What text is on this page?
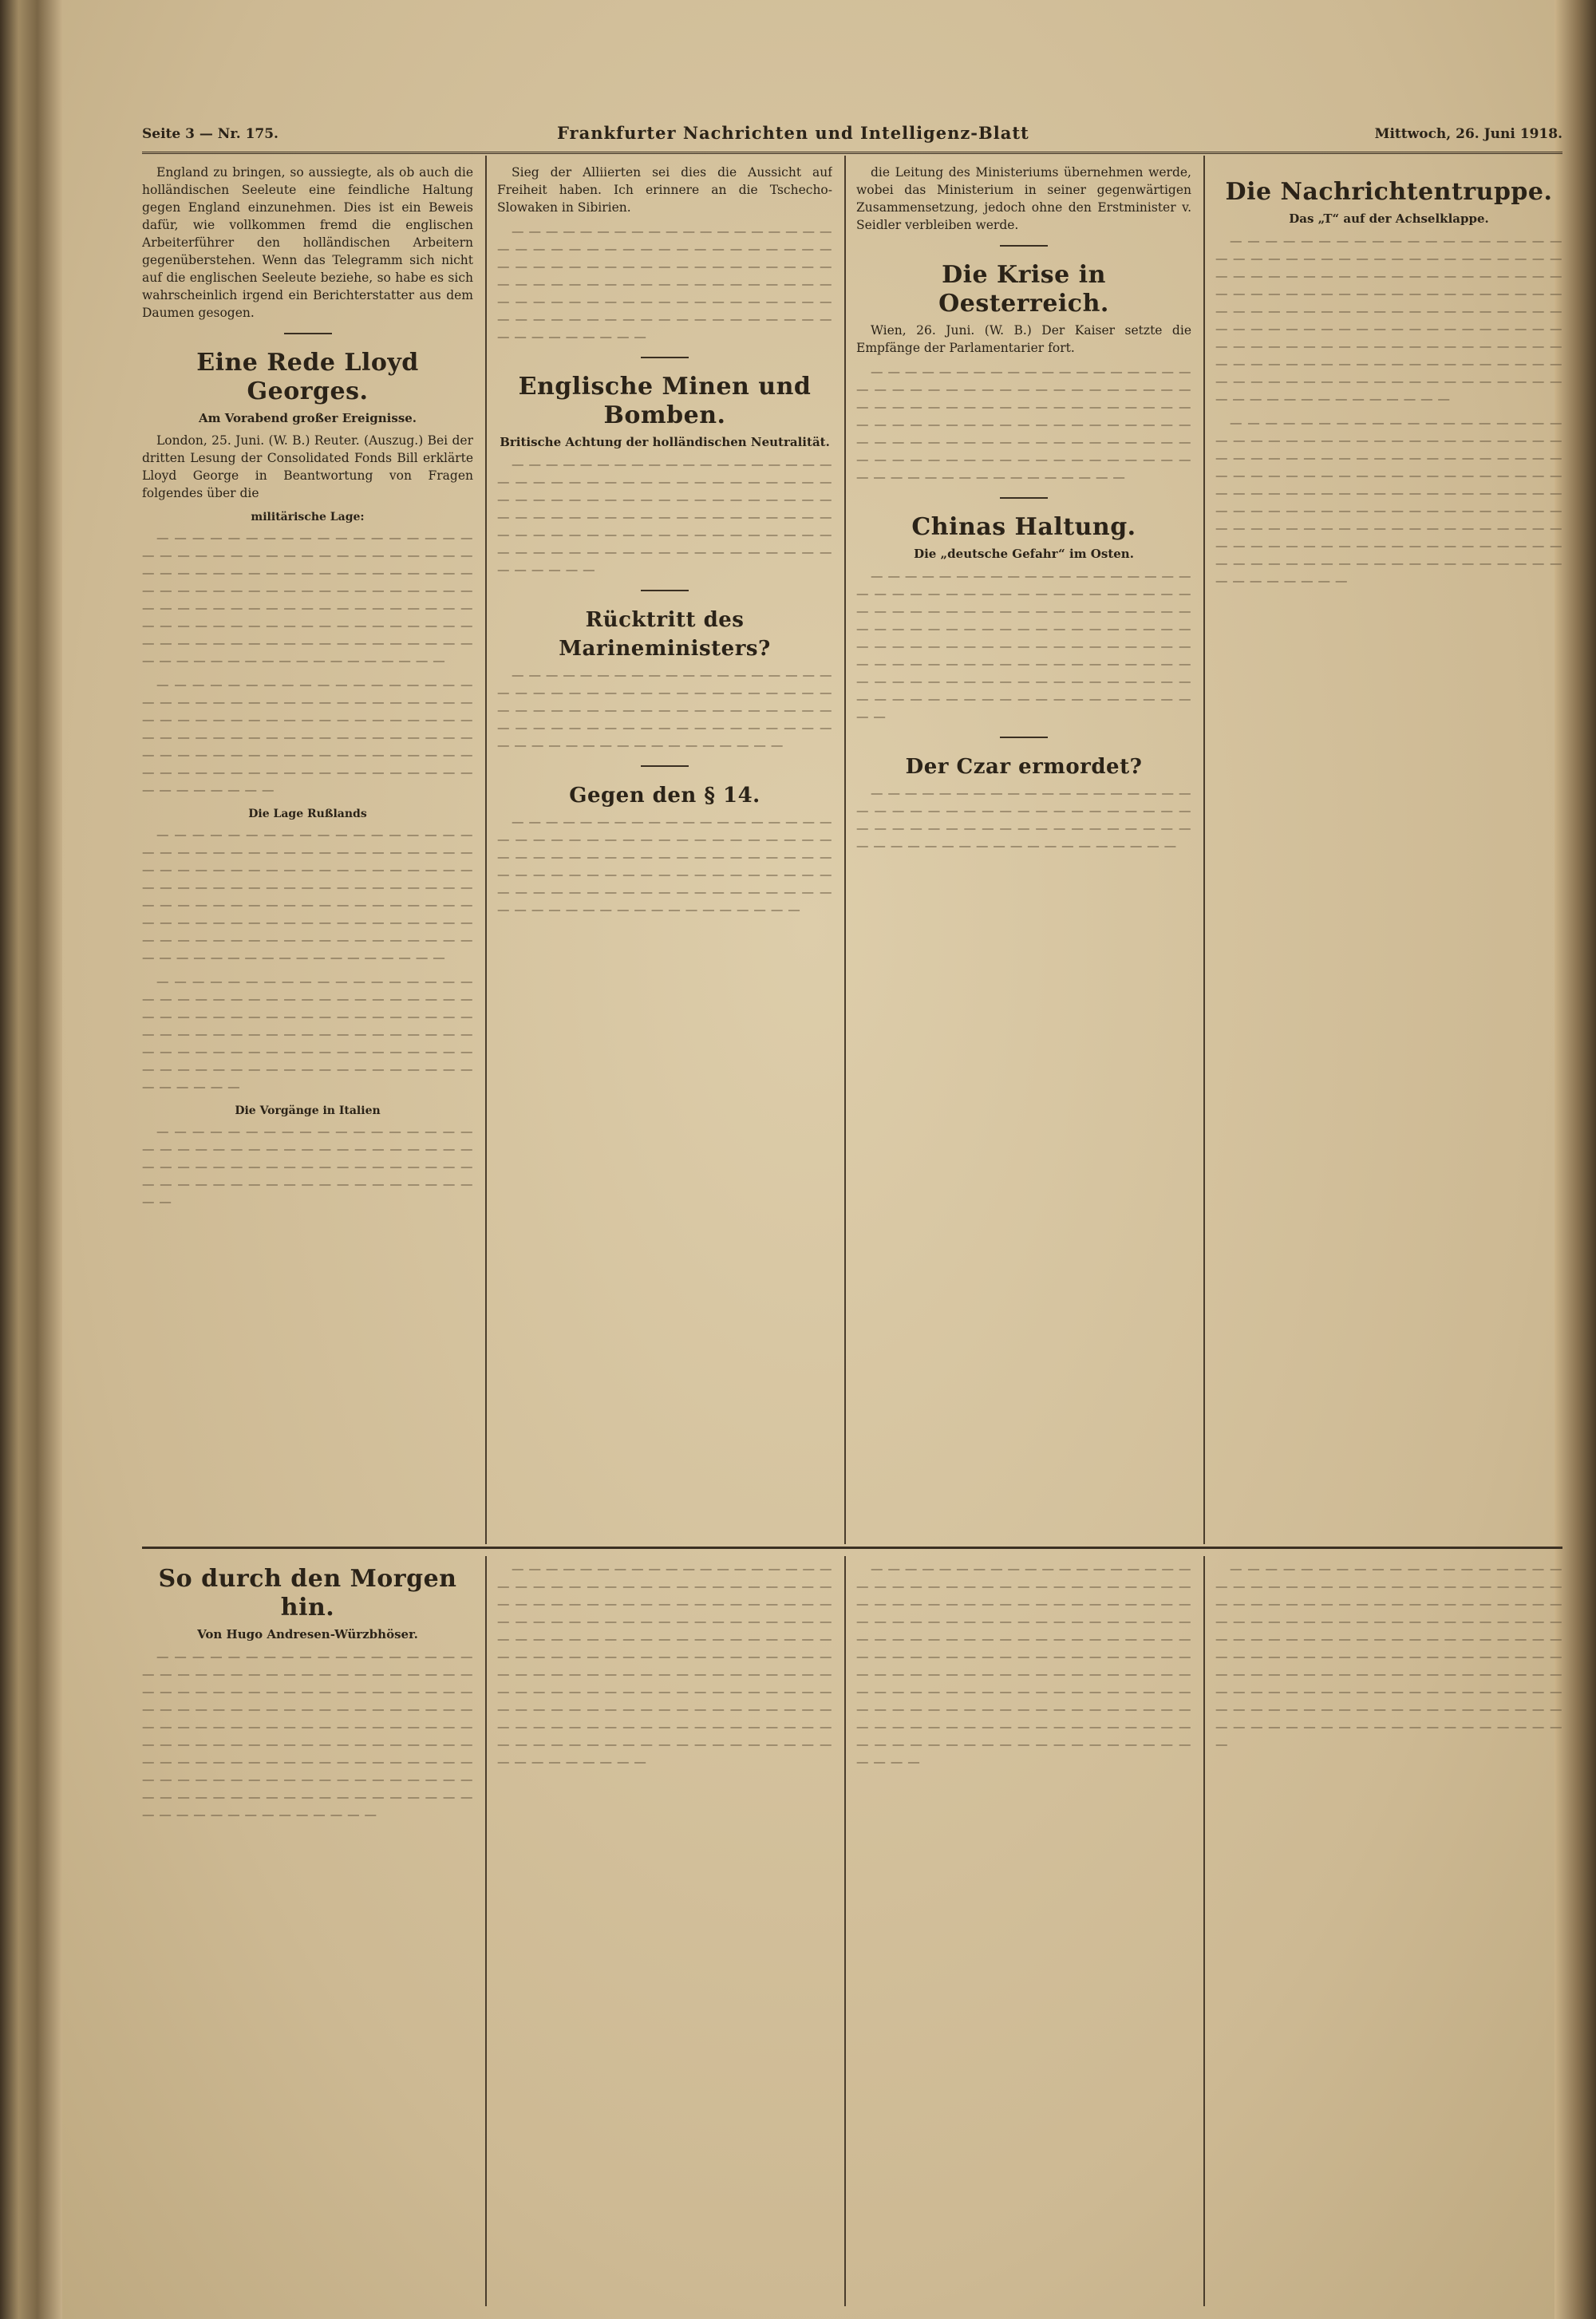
Seite 3 — Nr. 175.	Frankfurter Nachrichten und Intelligenz-Blatt	Mittwoch, 26. Juni 1918.

England zu bringen, so aussiegte, als ob auch die holländischen Seeleute eine feindliche Haltung gegen England einzunehmen. Dies ist ein Beweis dafür, wie vollkommen fremd die englischen Arbeiterführer den holländischen Arbeitern gegenüberstehen. Wenn das Telegramm sich nicht auf die englischen Seeleute beziehe, so habe es sich wahrscheinlich irgend ein Berichterstatter aus dem Daumen gesogen.

Eine Rede Lloyd Georges.
Am Vorabend großer Ereignisse.

London, 25. Juni. (W. B.) Reuter. (Auszug.) Bei der dritten Lesung der Consolidated Fonds Bill erklärte Lloyd George in Beantwortung von Fragen folgendes über die

militärische Lage:

— — — — — — — — — — — — — — — — — — — — — — — — — — — — — — — — — — — — — — — — — — — — — — — — — — — — — — — — — — — — — — — — — — — — — — — — — — — — — — — — — — — — — — — — — — — — — — — — — — — — — — — — — — — — — — — — — — — — — — — — — — — — — — — — — — — — — — — — — — — — — — — — — — — — — —

— — — — — — — — — — — — — — — — — — — — — — — — — — — — — — — — — — — — — — — — — — — — — — — — — — — — — — — — — — — — — — — — — — — — — — — — — — — — — — — — — — — — — — — — — — — — — — — — — — — — — — — — — — — — — — — — — — — — — — — — —

Die Lage Rußlands

— — — — — — — — — — — — — — — — — — — — — — — — — — — — — — — — — — — — — — — — — — — — — — — — — — — — — — — — — — — — — — — — — — — — — — — — — — — — — — — — — — — — — — — — — — — — — — — — — — — — — — — — — — — — — — — — — — — — — — — — — — — — — — — — — — — — — — — — — — — — — — — — — — — — — —

— — — — — — — — — — — — — — — — — — — — — — — — — — — — — — — — — — — — — — — — — — — — — — — — — — — — — — — — — — — — — — — — — — — — — — — — — — — — — — — — — — — — — — — — — — — — — — — — — — — — — — — — — — — — — — — — — — — — — — —

Die Vorgänge in Italien

— — — — — — — — — — — — — — — — — — — — — — — — — — — — — — — — — — — — — — — — — — — — — — — — — — — — — — — — — — — — — — — — — — — — — — — — — — — — —

Sieg der Alliierten sei dies die Aussicht auf Freiheit haben. Ich erinnere an die Tschecho-Slowaken in Sibirien.

— — — — — — — — — — — — — — — — — — — — — — — — — — — — — — — — — — — — — — — — — — — — — — — — — — — — — — — — — — — — — — — — — — — — — — — — — — — — — — — — — — — — — — — — — — — — — — — — — — — — — — — — — — — — — — — — — — — — — — — — — — —

Englische Minen und Bomben.
Britische Achtung der holländischen Neutralität.

— — — — — — — — — — — — — — — — — — — — — — — — — — — — — — — — — — — — — — — — — — — — — — — — — — — — — — — — — — — — — — — — — — — — — — — — — — — — — — — — — — — — — — — — — — — — — — — — — — — — — — — — — — — — — — — — — — — — — — — —

Rücktritt des Marineministers?

— — — — — — — — — — — — — — — — — — — — — — — — — — — — — — — — — — — — — — — — — — — — — — — — — — — — — — — — — — — — — — — — — — — — — — — — — — — — — — — — — — — — — — — — — — — — —

Gegen den § 14.

— — — — — — — — — — — — — — — — — — — — — — — — — — — — — — — — — — — — — — — — — — — — — — — — — — — — — — — — — — — — — — — — — — — — — — — — — — — — — — — — — — — — — — — — — — — — — — — — — — — — — — — — — — — — — — — — —

die Leitung des Ministeriums übernehmen werde, wobei das Ministerium in seiner gegenwärtigen Zusammensetzung, jedoch ohne den Erstminister v. Seidler verbleiben werde.

Die Krise in Oesterreich.

Wien, 26. Juni. (W. B.) Der Kaiser setzte die Empfänge der Parlamentarier fort.

— — — — — — — — — — — — — — — — — — — — — — — — — — — — — — — — — — — — — — — — — — — — — — — — — — — — — — — — — — — — — — — — — — — — — — — — — — — — — — — — — — — — — — — — — — — — — — — — — — — — — — — — — — — — — — — — — — — — — — — — — — — — — — — — — —

Chinas Haltung.
Die „deutsche Gefahr“ im Osten.

— — — — — — — — — — — — — — — — — — — — — — — — — — — — — — — — — — — — — — — — — — — — — — — — — — — — — — — — — — — — — — — — — — — — — — — — — — — — — — — — — — — — — — — — — — — — — — — — — — — — — — — — — — — — — — — — — — — — — — — — — — — — — — — — — — — — — — — — — — — — — — — — — — — — — — — — — —

Der Czar ermordet?

— — — — — — — — — — — — — — — — — — — — — — — — — — — — — — — — — — — — — — — — — — — — — — — — — — — — — — — — — — — — — — — — — — — — — — — — — — — —

Die Nachrichtentruppe.
Das „T“ auf der Achselklappe.

— — — — — — — — — — — — — — — — — — — — — — — — — — — — — — — — — — — — — — — — — — — — — — — — — — — — — — — — — — — — — — — — — — — — — — — — — — — — — — — — — — — — — — — — — — — — — — — — — — — — — — — — — — — — — — — — — — — — — — — — — — — — — — — — — — — — — — — — — — — — — — — — — — — — — — — — — — — — — — — — — — — — — — — — — — — — — — — — — — — — — — — — — — — — — — — — —

— — — — — — — — — — — — — — — — — — — — — — — — — — — — — — — — — — — — — — — — — — — — — — — — — — — — — — — — — — — — — — — — — — — — — — — — — — — — — — — — — — — — — — — — — — — — — — — — — — — — — — — — — — — — — — — — — — — — — — — — — — — — — — — — — — — — — — — — — — — — — — — — — — — — — — — — — — — — — — — — — — — — — — — — — — — — — — — — — — — — — — — — — — —

So durch den Morgen hin.
Von Hugo Andresen-Würzbhöser.

— — — — — — — — — — — — — — — — — — — — — — — — — — — — — — — — — — — — — — — — — — — — — — — — — — — — — — — — — — — — — — — — — — — — — — — — — — — — — — — — — — — — — — — — — — — — — — — — — — — — — — — — — — — — — — — — — — — — — — — — — — — — — — — — — — — — — — — — — — — — — — — — — — — — — — — — — — — — — — — — — — — — — — — — — — — — — — — — — — — — — — — —

— — — — — — — — — — — — — — — — — — — — — — — — — — — — — — — — — — — — — — — — — — — — — — — — — — — — — — — — — — — — — — — — — — — — — — — — — — — — — — — — — — — — — — — — — — — — — — — — — — — — — — — — — — — — — — — — — — — — — — — — — — — — — — — — — — — — — — — — — — — — — — — — — — — — — — — — — — — — — — — — — — — — — — — — — — — — — — — — — — — — — — — — — — — — — — — — — — — — — — — — — — — — — — — — — — — — — — — — — —

— — — — — — — — — — — — — — — — — — — — — — — — — — — — — — — — — — — — — — — — — — — — — — — — — — — — — — — — — — — — — — — — — — — — — — — — — — — — — — — — — — — — — — — — — — — — — — — — — — — — — — — — — — — — — — — — — — — — — — — — — — — — — — — — — — — — — — — — — — — — — — — — — — — — — — — — — — — — — — — — — — — — — — — — — — — — — — — — — — — — — — — — — — — — — — — — — — — — — — — — — — — — — — — — — — — — —

— — — — — — — — — — — — — — — — — — — — — — — — — — — — — — — — — — — — — — — — — — — — — — — — — — — — — — — — — — — — — — — — — — — — — — — — — — — — — — — — — — — — — — — — — — — — — — — — — — — — — — — — — — — — — — — — — — — — — — — — — — — — — — — — — — — — — — — — — — — — — — — — — — — — — — — — — — — — — — — — — — — — — — — — — — — — — — — — — — — — — — — — — — — — — — — — — — — — — — — —
